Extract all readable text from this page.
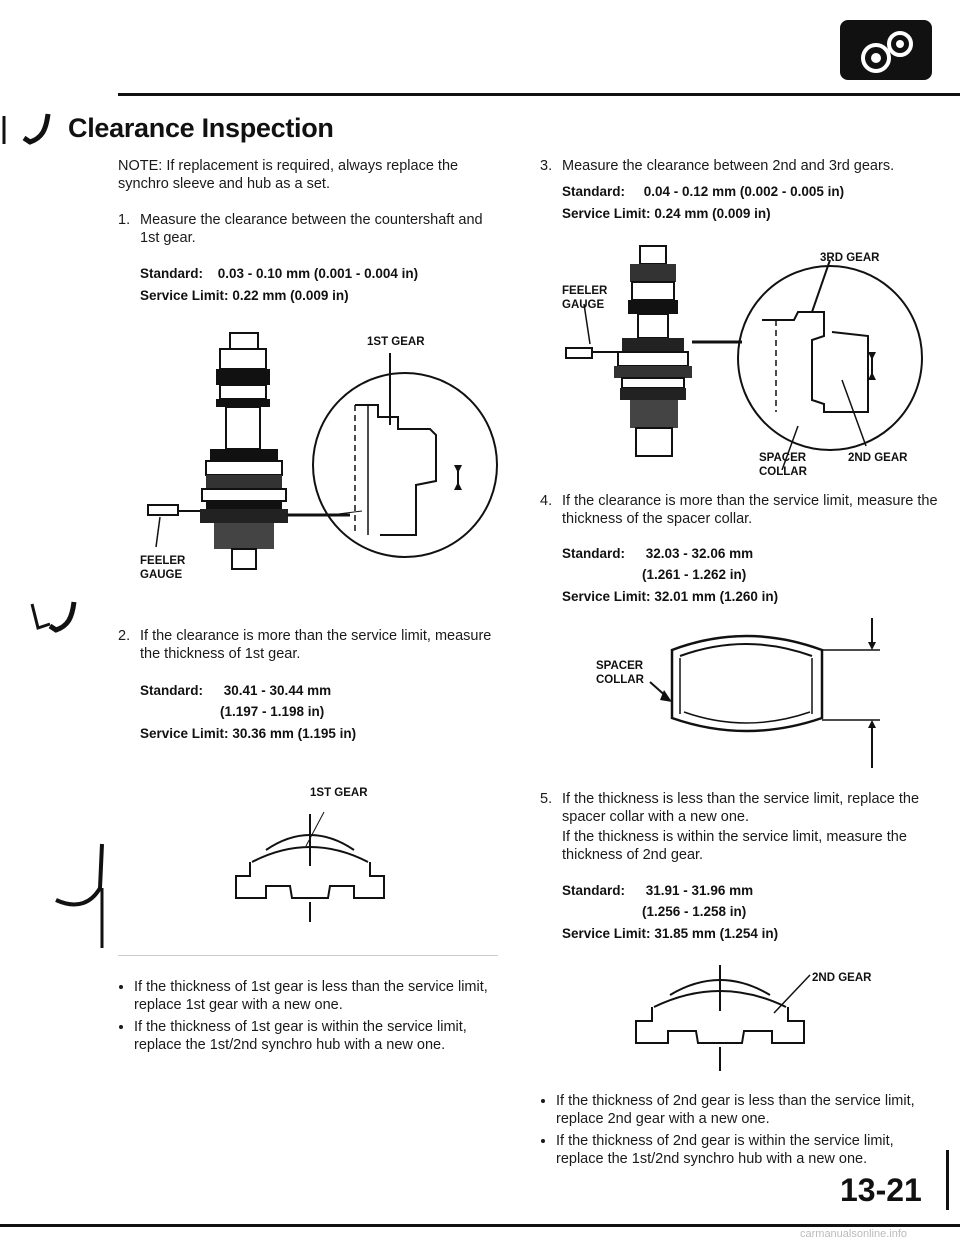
Clearance Inspection
NOTE: If replacement is required, always replace the synchro sleeve and hub as a set.
1. Measure the clearance between the countershaft and 1st gear.
Standard: 0.03 - 0.10 mm (0.001 - 0.004 in)
Service Limit: 0.22 mm (0.009 in)
1ST GEAR
FEELER
GAUGE
2. If the clearance is more than the service limit, measure the thickness of 1st gear.
Standard: 30.41 - 30.44 mm
(1.197 - 1.198 in)
Service Limit: 30.36 mm (1.195 in)
1ST GEAR
• If the thickness of 1st gear is less than the service limit, replace 1st gear with a new one.
• If the thickness of 1st gear is within the service limit, replace the 1st/2nd synchro hub with a new one.
3. Measure the clearance between 2nd and 3rd gears.
Standard: 0.04 - 0.12 mm (0.002 - 0.005 in)
Service Limit: 0.24 mm (0.009 in)
3RD GEAR
FEELER
GAUGE
SPACER
COLLAR
2ND GEAR
4. If the clearance is more than the service limit, measure the thickness of the spacer collar.
Standard: 32.03 - 32.06 mm
(1.261 - 1.262 in)
Service Limit: 32.01 mm (1.260 in)
SPACER
COLLAR
5. If the thickness is less than the service limit, replace the spacer collar with a new one.
If the thickness is within the service limit, measure the thickness of 2nd gear.
Standard: 31.91 - 31.96 mm
(1.256 - 1.258 in)
Service Limit: 31.85 mm (1.254 in)
2ND GEAR
• If the thickness of 2nd gear is less than the service limit, replace 2nd gear with a new one.
• If the thickness of 2nd gear is within the service limit, replace the 1st/2nd synchro hub with a new one.
13-21
carmanualsonline.info
